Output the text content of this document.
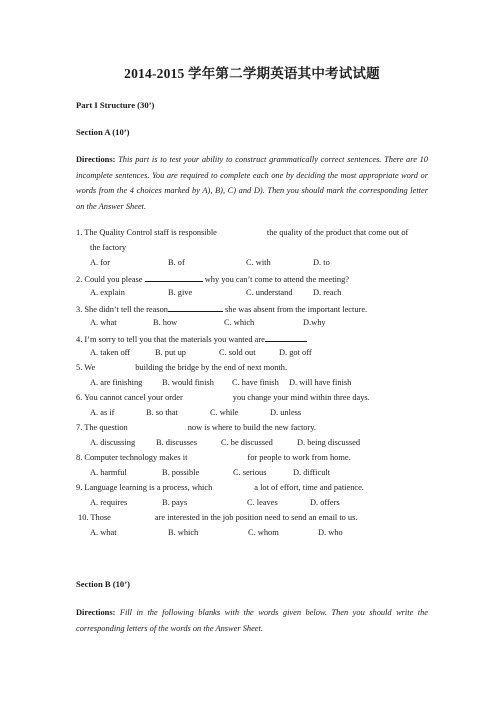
2014-2015 学年第二学期英语其中考试试题
Part I Structure (30’)
Section A (10’)
Directions: This part is to test your ability to construct grammatically correct sentences. There are 10 incomplete sentences. You are required to complete each one by deciding the most appropriate word or words from the 4 choices marked by A), B), C) and D). Then you should mark the corresponding letter on the Answer Sheet.
1. The Quality Control staff is responsible	the quality of the product that come out of
the factory
A. for	B. of	C. with	D. to
2. Could you please	why you can’t come to attend the meeting?
A. explain	B. give	C. understand D. reach
3. She didn’t tell the reason	she was absent from the important lecture.
A. what	B. how	C. which	D.why
4. I’m sorry to tell you that the materials you wanted are
A. taken off	B. put up	C. sold out	D. got off
5. We	building the bridge by the end of next month.
A. are finishing B. would finish C. have finish D. will have finish
6. You cannot cancel your order	you change your mind within three days.
A. as if	B. so that	C. while	D. unless
7. The question	now is where to build the new factory.
A. discussing B. discusses	C. be discussed	D. being discussed
8. Computer technology makes it	for people to work from home.
A. harmful	B. possible	C. serious	D. difficult
9. Language learning is a process, which	a lot of effort, time and patience.
A. requires	B. pays	C. leaves	D. offers
10. Those	are interested in the job position need to send an email to us.
A. what	B. which	C. whom	D. who
Section B (10’)
Directions: Fill in the following blanks with the words given below. Then you should write the corresponding letters of the words on the Answer Sheet.
